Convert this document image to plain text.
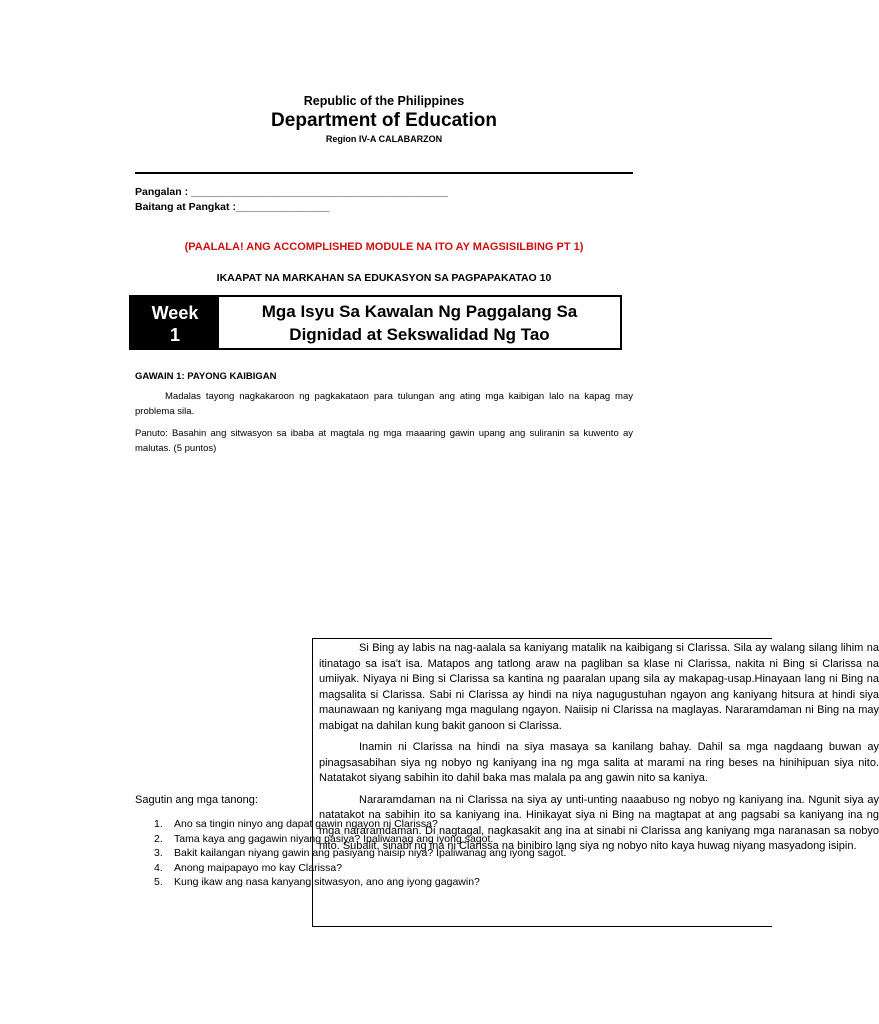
Republic of the Philippines
Department of Education
Region IV-A CALABARZON
Pangalan : ____________________________________________
Baitang at Pangkat :________________
(PAALALA! ANG ACCOMPLISHED MODULE NA ITO AY MAGSISILBING PT 1)
IKAAPAT NA MARKAHAN SA EDUKASYON SA PAGPAPAKATAO 10
Week
1
Mga Isyu Sa Kawalan Ng Paggalang Sa
Dignidad at Sekswalidad Ng Tao
GAWAIN 1: PAYONG KAIBIGAN
Madalas tayong nagkakaroon ng pagkakataon para tulungan ang ating mga kaibigan lalo na kapag may problema sila.
Panuto: Basahin ang sitwasyon sa ibaba at magtala ng mga maaaring gawin upang ang suliranin sa kuwento ay malutas. (5 puntos)

Si Bing ay labis na nag-aalala sa kaniyang matalik na kaibigang si Clarissa. Sila ay walang silang lihim na itinatago sa isa't isa. Matapos ang tatlong araw na pagliban sa klase ni Clarissa, nakita ni Bing si Clarissa na umiiyak. Niyaya ni Bing si Clarissa sa kantina ng paaralan upang sila ay makapag-usap.Hinayaan lang ni Bing na magsalita si Clarissa. Sabi ni Clarissa ay hindi na niya nagugustuhan ngayon ang kaniyang hitsura at hindi siya maunawaan ng kaniyang mga magulang ngayon. Naiisip ni Clarissa na maglayas. Nararamdaman ni Bing na may mabigat na dahilan kung bakit ganoon si Clarissa.

Inamin ni Clarissa na hindi na siya masaya sa kanilang bahay. Dahil sa mga nagdaang buwan ay pinagsasabihan siya ng nobyo ng kaniyang ina ng mga salita at marami na ring beses na hinihipuan siya nito. Natatakot siyang sabihin ito dahil baka mas malala pa ang gawin nito sa kaniya.

Nararamdaman na ni Clarissa na siya ay unti-unting naaabuso ng nobyo ng kaniyang ina. Ngunit siya ay natatakot na sabihin ito sa kaniyang ina. Hinikayat siya ni Bing na magtapat at ang pagsabi sa kaniyang ina ng mga nararamdaman. Di nagtagal, nagkasakit ang ina at sinabi ni Clarissa ang kaniyang mga naranasan sa nobyo nito. Subalit, sinabi ng ina ni Clarissa na binibiro lang siya ng nobyo nito kaya huwag niyang masyadong isipin.

Sagutin ang mga tanong:
1. Ano sa tingin ninyo ang dapat gawin ngayon ni Clarissa?
2. Tama kaya ang gagawin niyang pasiya? Ipaliwanag ang iyong sagot.
3. Bakit kailangan niyang gawin ang pasiyang naisip niya? Ipaliwanag ang iyong sagot.
4. Anong maipapayo mo kay Clarissa?
5. Kung ikaw ang nasa kanyang sitwasyon, ano ang iyong gagawin?
